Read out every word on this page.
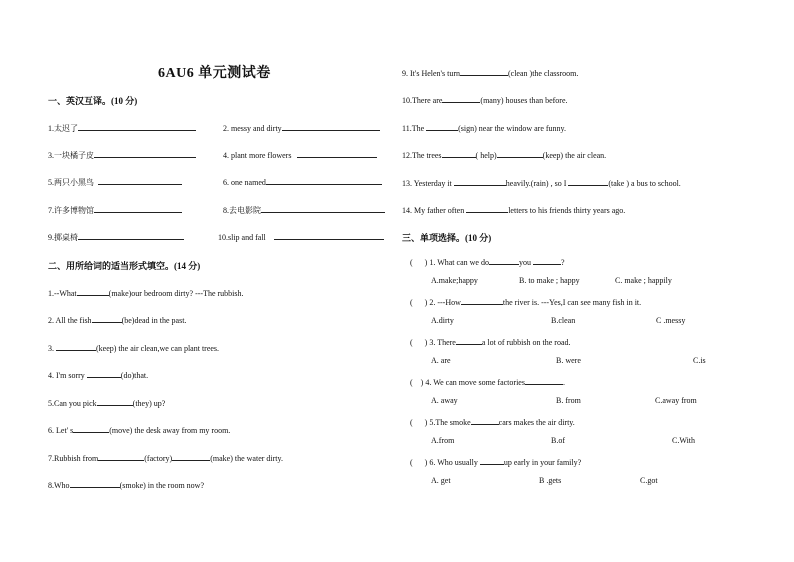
6AU6 单元测试卷
一、英汉互译。(10 分)
1.太迟了	2. messy and dirty
3.一块橘子皮	4. plant more flowers
5.两只小黑鸟	6. one named
7.许多博物馆	8.去电影院
9.掷桌椅	10.slip and fall
二、用所给词的适当形式填空。(14 分)
1.--What	(make)our bedroom dirty? ---The rubbish.
2. All the fish	(be)dead in the past.
3.	(keep) the air clean,we can plant trees.
4. I'm sorry	(do)that.
5.Can you pick	(they) up?
6. Let' s	(move) the desk away from my room.
7.Rubbish from	(factory)	(make) the water dirty.
8.Who	(smoke) in the room now?
9. It's Helen's turn	(clean )the classroom.
10.There are	(many) houses than before.
11.The	(sign) near the window are funny.
12.The trees	( help)	(keep) the air clean.
13. Yesterday it	heavily.(rain) , so I	(take ) a bus to school.
14. My father often	letters to his friends thirty years ago.
三、单项选择。(10 分)
( ) 1. What can we do	you	?
A.make;happy	B. to make ; happy	C. make ; happily
( ) 2. ---How	the river is. ---Yes,I can see many fish in it.
A.dirty	B.clean	C .messy
( ) 3. There	a lot of rubbish on the road.
A. are	B. were	C.is
( ) 4. We can move some factories	.
A. away	B. from	C.away from
( ) 5.The smoke	cars makes the air dirty.
A.from	B.of	C.With
( ) 6. Who usually	up early in your family?
A. get	B .gets	C.got
